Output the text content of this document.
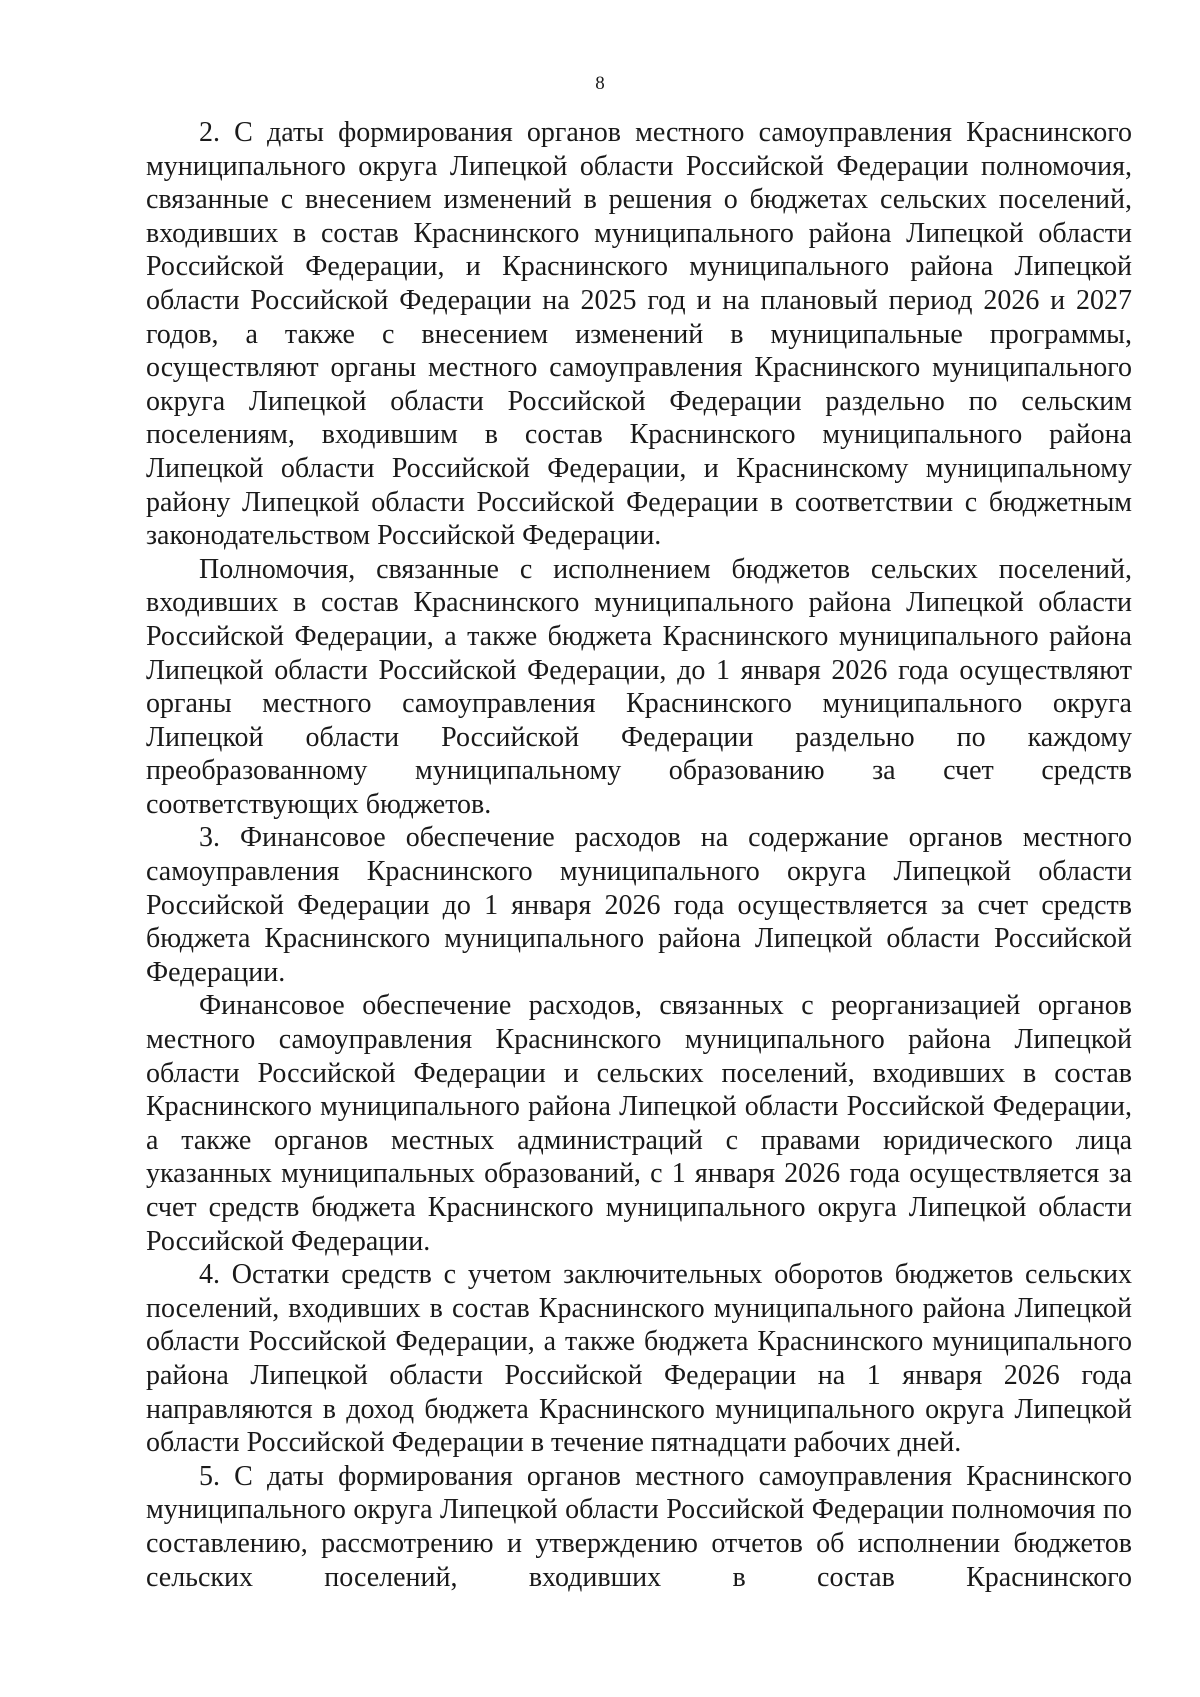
8

2. С даты формирования органов местного самоуправления Краснинского муниципального округа Липецкой области Российской Федерации полномочия, связанные с внесением изменений в решения о бюджетах сельских поселений, входивших в состав Краснинского муниципального района Липецкой области Российской Федерации, и Краснинского муниципального района Липецкой области Российской Федерации на 2025 год и на плановый период 2026 и 2027 годов, а также с внесением изменений в муниципальные программы, осуществляют органы местного самоуправления Краснинского муниципального округа Липецкой области Российской Федерации раздельно по сельским поселениям, входившим в состав Краснинского муниципального района Липецкой области Российской Федерации, и Краснинскому муниципальному району Липецкой области Российской Федерации в соответствии с бюджетным законодательством Российской Федерации.

Полномочия, связанные с исполнением бюджетов сельских поселений, входивших в состав Краснинского муниципального района Липецкой области Российской Федерации, а также бюджета Краснинского муниципального района Липецкой области Российской Федерации, до 1 января 2026 года осуществляют органы местного самоуправления Краснинского муниципального округа Липецкой области Российской Федерации раздельно по каждому преобразованному муниципальному образованию за счет средств соответствующих бюджетов.

3. Финансовое обеспечение расходов на содержание органов местного самоуправления Краснинского муниципального округа Липецкой области Российской Федерации до 1 января 2026 года осуществляется за счет средств бюджета Краснинского муниципального района Липецкой области Российской Федерации.

Финансовое обеспечение расходов, связанных с реорганизацией органов местного самоуправления Краснинского муниципального района Липецкой области Российской Федерации и сельских поселений, входивших в состав Краснинского муниципального района Липецкой области Российской Федерации, а также органов местных администраций с правами юридического лица указанных муниципальных образований, с 1 января 2026 года осуществляется за счет средств бюджета Краснинского муниципального округа Липецкой области Российской Федерации.

4. Остатки средств с учетом заключительных оборотов бюджетов сельских поселений, входивших в состав Краснинского муниципального района Липецкой области Российской Федерации, а также бюджета Краснинского муниципального района Липецкой области Российской Федерации на 1 января 2026 года направляются в доход бюджета Краснинского муниципального округа Липецкой области Российской Федерации в течение пятнадцати рабочих дней.

5. С даты формирования органов местного самоуправления Краснинского муниципального округа Липецкой области Российской Федерации полномочия по составлению, рассмотрению и утверждению отчетов об исполнении бюджетов сельских поселений, входивших в состав Краснинского
